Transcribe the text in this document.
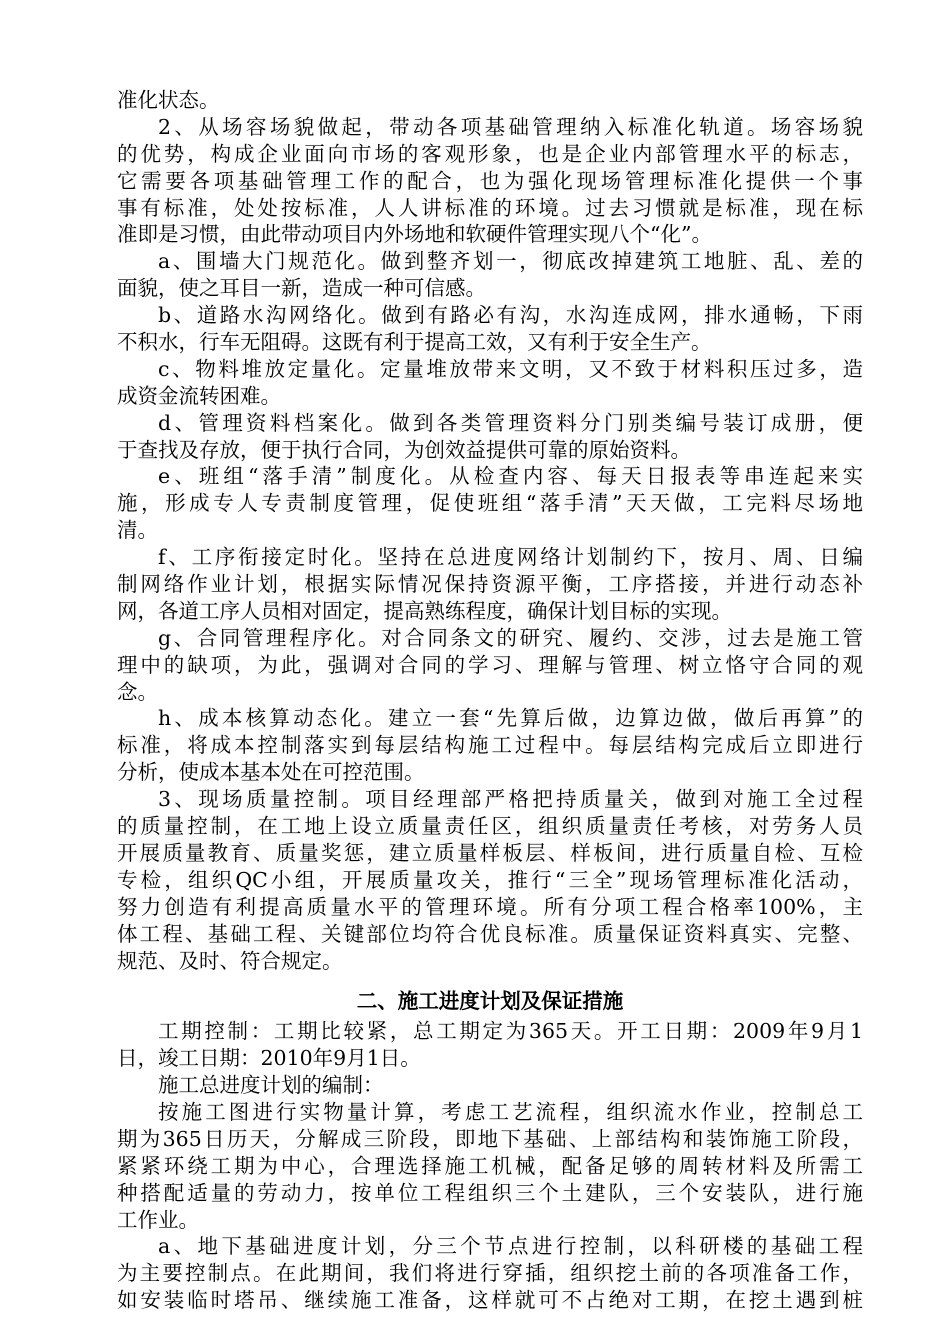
准化状态。
2、从场容场貌做起，带动各项基础管理纳入标准化轨道。场容场貌
的优势，构成企业面向市场的客观形象，也是企业内部管理水平的标志，
它需要各项基础管理工作的配合，也为强化现场管理标准化提供一个事
事有标准，处处按标准，人人讲标准的环境。过去习惯就是标准，现在标
准即是习惯，由此带动项目内外场地和软硬件管理实现八个“化”。
a、围墙大门规范化。做到整齐划一，彻底改掉建筑工地脏、乱、差的
面貌，使之耳目一新，造成一种可信感。
b、道路水沟网络化。做到有路必有沟，水沟连成网，排水通畅，下雨
不积水，行车无阻碍。这既有利于提高工效，又有利于安全生产。
c、物料堆放定量化。定量堆放带来文明，又不致于材料积压过多，造
成资金流转困难。
d、管理资料档案化。做到各类管理资料分门别类编号装订成册，便
于查找及存放，便于执行合同，为创效益提供可靠的原始资料。
e、班组“落手清”制度化。从检查内容、每天日报表等串连起来实
施，形成专人专责制度管理，促使班组“落手清”天天做，工完料尽场地
清。
f、工序衔接定时化。坚持在总进度网络计划制约下，按月、周、日编
制网络作业计划，根据实际情况保持资源平衡，工序搭接，并进行动态补
网，各道工序人员相对固定，提高熟练程度，确保计划目标的实现。
g、合同管理程序化。对合同条文的研究、履约、交涉，过去是施工管
理中的缺项，为此，强调对合同的学习、理解与管理、树立恪守合同的观
念。
h、成本核算动态化。建立一套“先算后做，边算边做，做后再算”的
标准，将成本控制落实到每层结构施工过程中。每层结构完成后立即进行
分析，使成本基本处在可控范围。
3、现场质量控制。项目经理部严格把持质量关，做到对施工全过程
的质量控制，在工地上设立质量责任区，组织质量责任考核，对劳务人员
开展质量教育、质量奖惩，建立质量样板层、样板间，进行质量自检、互检
专检，组织QC小组，开展质量攻关，推行“三全”现场管理标准化活动，
努力创造有利提高质量水平的管理环境。所有分项工程合格率100%，主
体工程、基础工程、关键部位均符合优良标准。质量保证资料真实、完整、
规范、及时、符合规定。
二、施工进度计划及保证措施
工期控制：工期比较紧，总工期定为365天。开工日期：2009年9月1
日，竣工日期：2010年9月1日。
施工总进度计划的编制：
按施工图进行实物量计算，考虑工艺流程，组织流水作业，控制总工
期为365日历天，分解成三阶段，即地下基础、上部结构和装饰施工阶段，
紧紧环绕工期为中心，合理选择施工机械，配备足够的周转材料及所需工
种搭配适量的劳动力，按单位工程组织三个土建队，三个安装队，进行施
工作业。
a、地下基础进度计划，分三个节点进行控制，以科研楼的基础工程
为主要控制点。在此期间，我们将进行穿插，组织挖土前的各项准备工作，
如安装临时塔吊、继续施工准备，这样就可不占绝对工期，在挖土遇到桩
